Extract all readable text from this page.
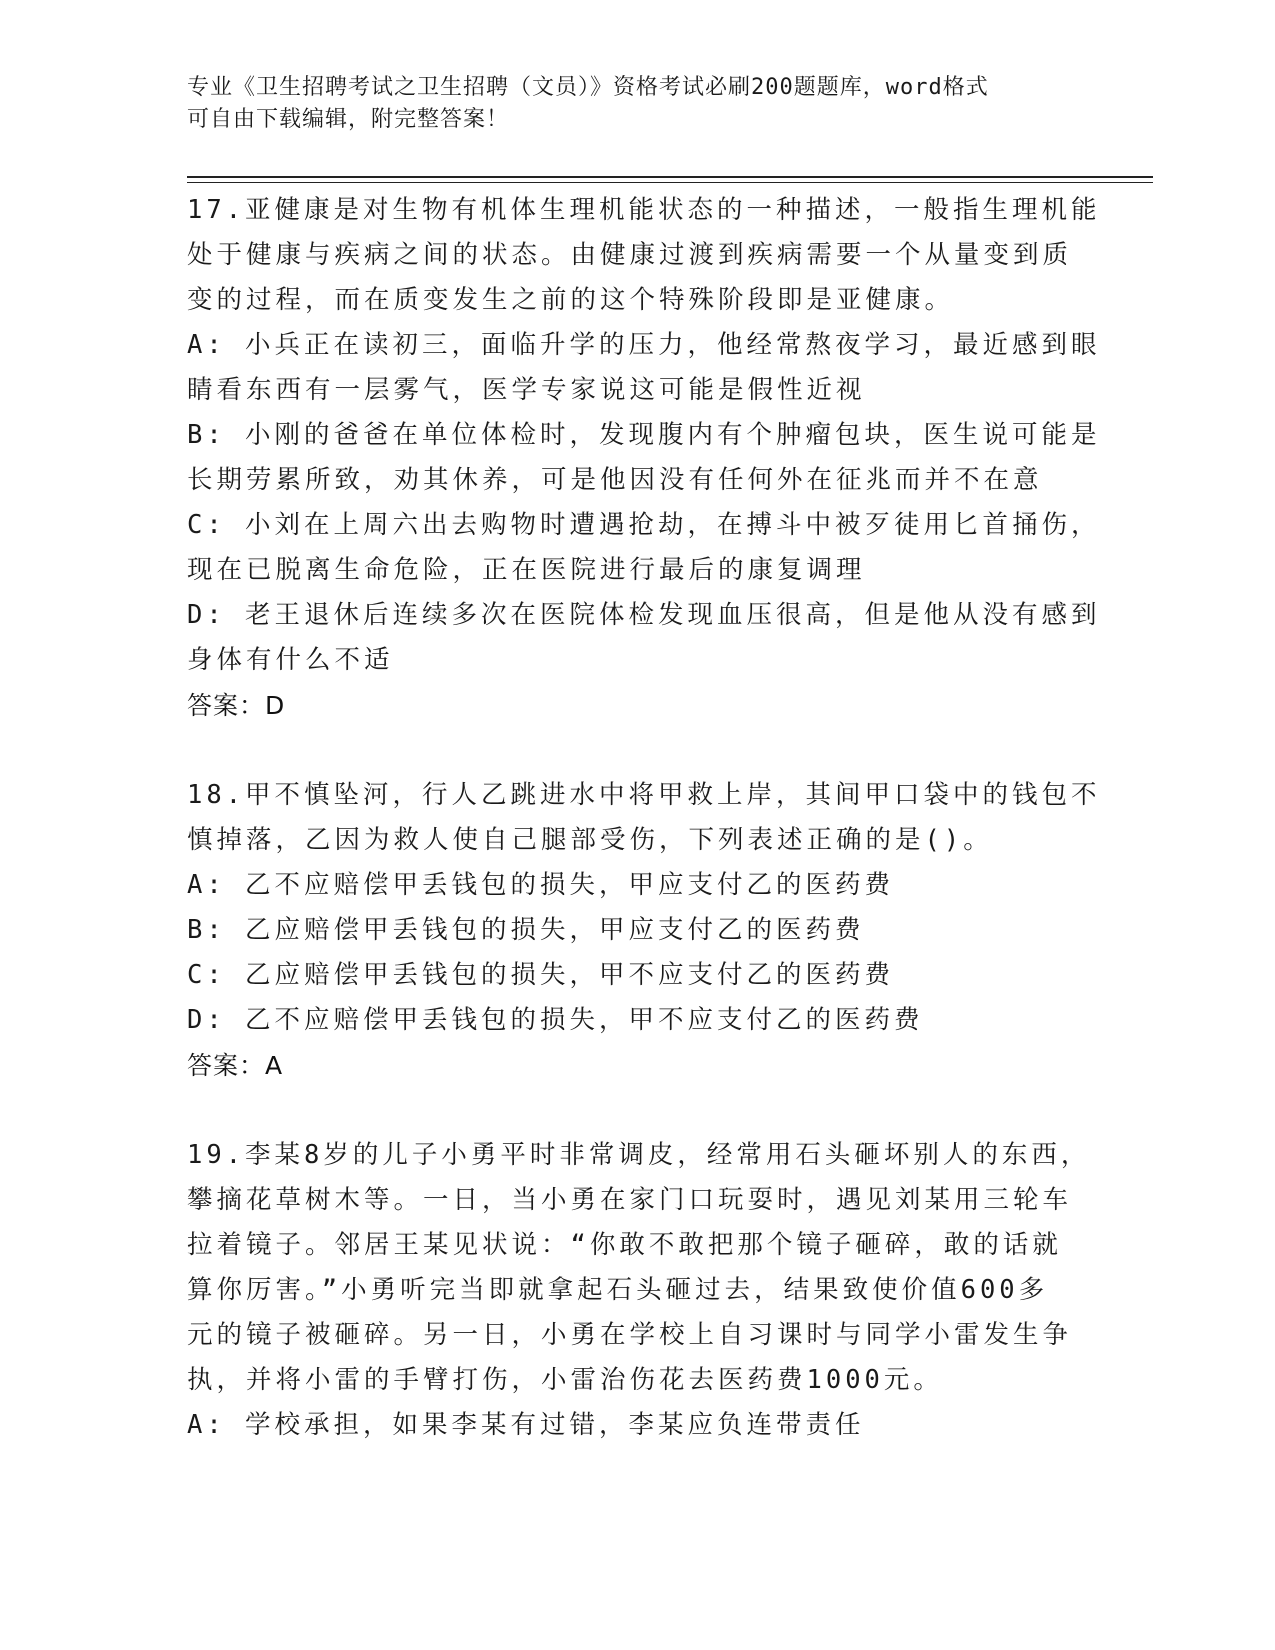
专业《卫生招聘考试之卫生招聘（文员）》资格考试必刷200题题库，word格式
可自由下载编辑，附完整答案！
17.亚健康是对生物有机体生理机能状态的一种描述，一般指生理机能
处于健康与疾病之间的状态。由健康过渡到疾病需要一个从量变到质
变的过程，而在质变发生之前的这个特殊阶段即是亚健康。
A: 小兵正在读初三，面临升学的压力，他经常熬夜学习，最近感到眼
睛看东西有一层雾气，医学专家说这可能是假性近视
B: 小刚的爸爸在单位体检时，发现腹内有个肿瘤包块，医生说可能是
长期劳累所致，劝其休养，可是他因没有任何外在征兆而并不在意
C: 小刘在上周六出去购物时遭遇抢劫，在搏斗中被歹徒用匕首捅伤，
现在已脱离生命危险，正在医院进行最后的康复调理
D: 老王退休后连续多次在医院体检发现血压很高，但是他从没有感到
身体有什么不适
答案：D
18.甲不慎坠河，行人乙跳进水中将甲救上岸，其间甲口袋中的钱包不
慎掉落，乙因为救人使自己腿部受伤，下列表述正确的是()。
A: 乙不应赔偿甲丢钱包的损失，甲应支付乙的医药费
B: 乙应赔偿甲丢钱包的损失，甲应支付乙的医药费
C: 乙应赔偿甲丢钱包的损失，甲不应支付乙的医药费
D: 乙不应赔偿甲丢钱包的损失，甲不应支付乙的医药费
答案：A
19.李某8岁的儿子小勇平时非常调皮，经常用石头砸坏别人的东西，
攀摘花草树木等。一日，当小勇在家门口玩耍时，遇见刘某用三轮车
拉着镜子。邻居王某见状说：“你敢不敢把那个镜子砸碎，敢的话就
算你厉害。”小勇听完当即就拿起石头砸过去，结果致使价值600多
元的镜子被砸碎。另一日，小勇在学校上自习课时与同学小雷发生争
执，并将小雷的手臂打伤，小雷治伤花去医药费1000元。
A: 学校承担，如果李某有过错，李某应负连带责任
